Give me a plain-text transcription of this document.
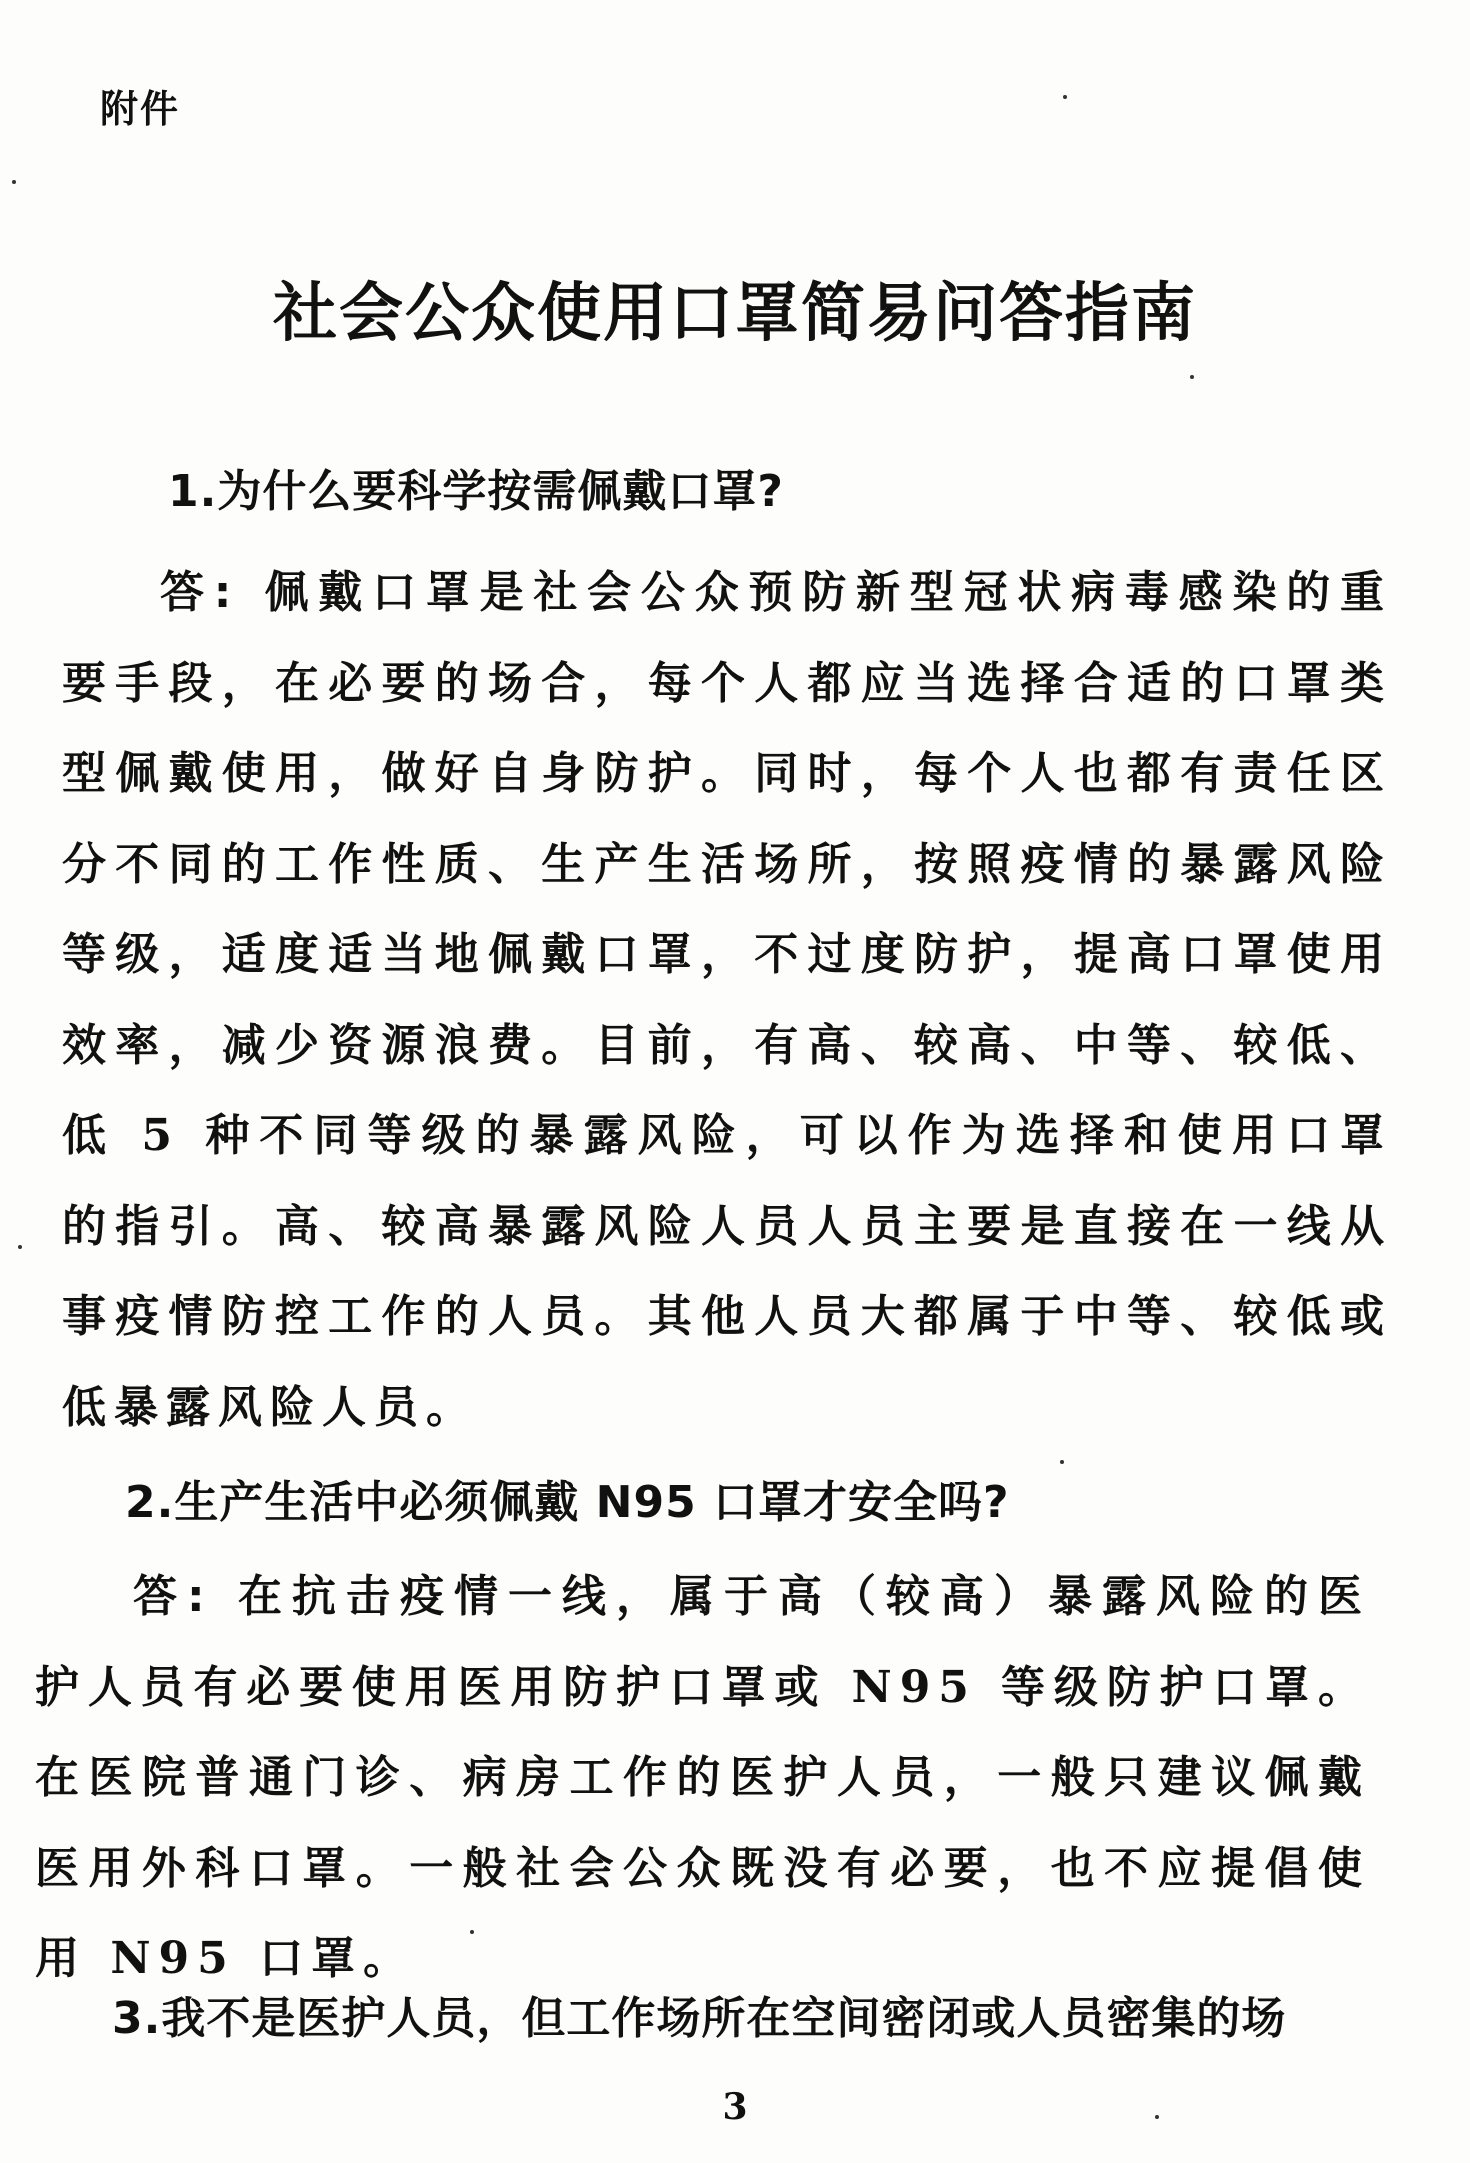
附件
社会公众使用口罩简易问答指南
1.为什么要科学按需佩戴口罩?
答: 佩戴口罩是社会公众预防新型冠状病毒感染的重要手段，在必要的场合，每个人都应当选择合适的口罩类型佩戴使用，做好自身防护。同时，每个人也都有责任区分不同的工作性质、生产生活场所，按照疫情的暴露风险等级，适度适当地佩戴口罩，不过度防护，提高口罩使用效率，减少资源浪费。目前，有高、较高、中等、较低、低 5 种不同等级的暴露风险，可以作为选择和使用口罩的指引。高、较高暴露风险人员人员主要是直接在一线从事疫情防控工作的人员。其他人员大都属于中等、较低或低暴露风险人员。
2.生产生活中必须佩戴 N95 口罩才安全吗?
答: 在抗击疫情一线，属于高（较高）暴露风险的医护人员有必要使用医用防护口罩或 N95 等级防护口罩。在医院普通门诊、病房工作的医护人员，一般只建议佩戴医用外科口罩。一般社会公众既没有必要，也不应提倡使用 N95 口罩。
3.我不是医护人员，但工作场所在空间密闭或人员密集的场
3
